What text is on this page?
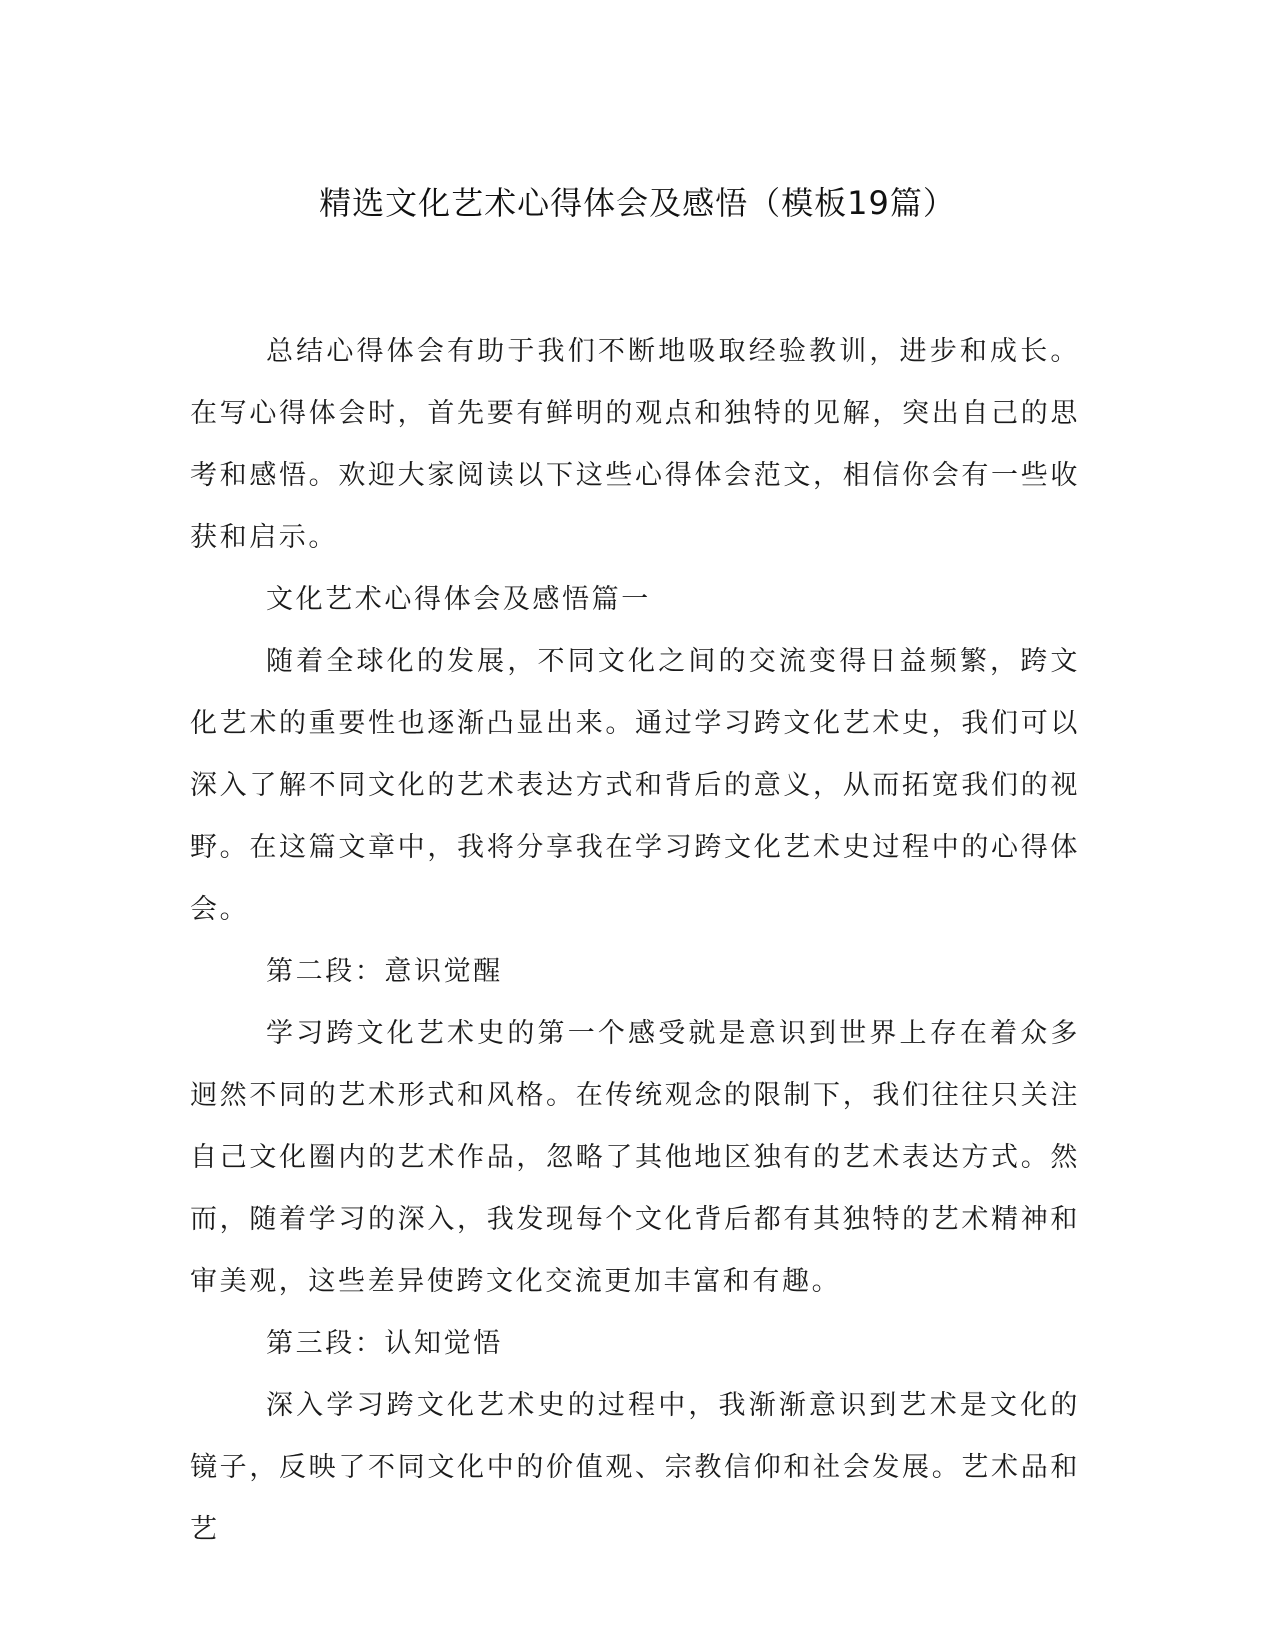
精选文化艺术心得体会及感悟（模板19篇）

总结心得体会有助于我们不断地吸取经验教训，进步和成长。在写心得体会时，首先要有鲜明的观点和独特的见解，突出自己的思考和感悟。欢迎大家阅读以下这些心得体会范文，相信你会有一些收获和启示。

文化艺术心得体会及感悟篇一

随着全球化的发展，不同文化之间的交流变得日益频繁，跨文化艺术的重要性也逐渐凸显出来。通过学习跨文化艺术史，我们可以深入了解不同文化的艺术表达方式和背后的意义，从而拓宽我们的视野。在这篇文章中，我将分享我在学习跨文化艺术史过程中的心得体会。

第二段：意识觉醒

学习跨文化艺术史的第一个感受就是意识到世界上存在着众多迥然不同的艺术形式和风格。在传统观念的限制下，我们往往只关注自己文化圈内的艺术作品，忽略了其他地区独有的艺术表达方式。然而，随着学习的深入，我发现每个文化背后都有其独特的艺术精神和审美观，这些差异使跨文化交流更加丰富和有趣。

第三段：认知觉悟

深入学习跨文化艺术史的过程中，我渐渐意识到艺术是文化的镜子，反映了不同文化中的价值观、宗教信仰和社会发展。艺术品和艺
